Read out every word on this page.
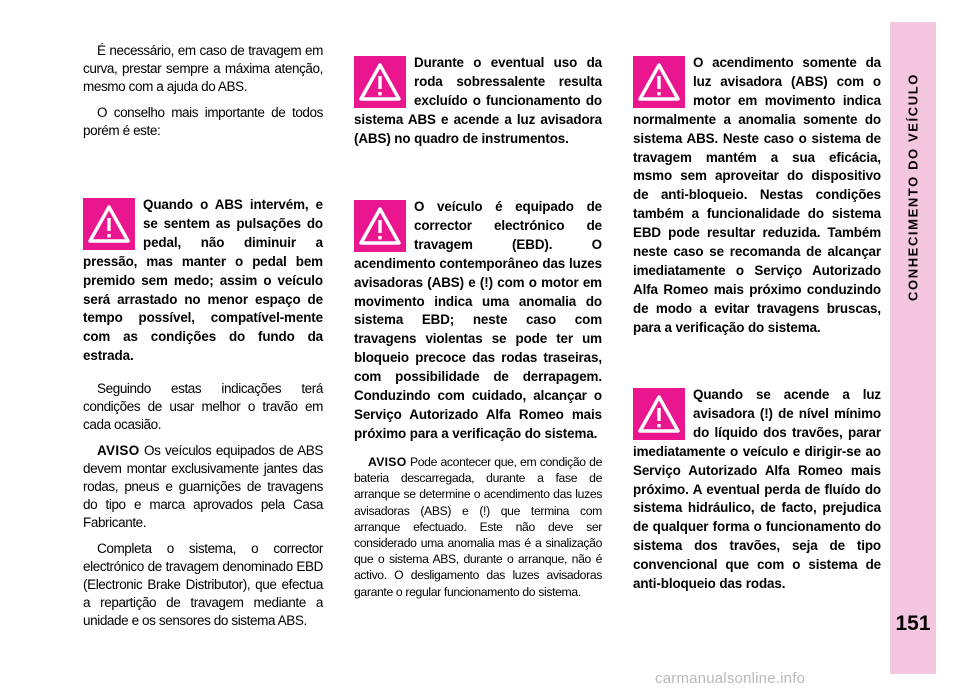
É necessário, em caso de travagem em curva, prestar sempre a máxima atenção, mesmo com a ajuda do ABS.

O conselho mais importante de todos porém é este:

Quando o ABS intervém, e se sentem as pulsações do pedal, não diminuir a pressão, mas manter o pedal bem premido sem medo; assim o veículo será arrastado no menor espaço de tempo possível, compatível-mente com as condições do fundo da estrada.

Seguindo estas indicações terá condições de usar melhor o travão em cada ocasião.

AVISO Os veículos equipados de ABS devem montar exclusivamente jantes das rodas, pneus e guarnições de travagens do tipo e marca aprovados pela Casa Fabricante.

Completa o sistema, o corrector electrónico de travagem denominado EBD (Electronic Brake Distributor), que efectua a repartição de travagem mediante a unidade e os sensores do sistema ABS.

Durante o eventual uso da roda sobressalente resulta excluído o funcionamento do sistema ABS e acende a luz avisadora (ABS) no quadro de instrumentos.
O veículo é equipado de corrector electrónico de travagem (EBD). O acendimento contemporâneo das luzes avisadoras (ABS) e (!) com o motor em movimento indica uma anomalia do sistema EBD; neste caso com travagens violentas se pode ter um bloqueio precoce das rodas traseiras, com possibilidade de derrapagem. Conduzindo com cuidado, alcançar o Serviço Autorizado Alfa Romeo mais próximo para a verificação do sistema.

AVISO Pode acontecer que, em condição de bateria descarregada, durante a fase de arranque se determine o acendimento das luzes avisadoras (ABS) e (!) que termina com arranque efectuado. Este não deve ser considerado uma anomalia mas é a sinalização que o sistema ABS, durante o arranque, não é activo. O desligamento das luzes avisadoras garante o regular funcionamento do sistema.

O acendimento somente da luz avisadora (ABS) com o motor em movimento indica normalmente a anomalia somente do sistema ABS. Neste caso o sistema de travagem mantém a sua eficácia, msmo sem aproveitar do dispositivo de anti-bloqueio. Nestas condições também a funcionalidade do sistema EBD pode resultar reduzida. Também neste caso se recomanda de alcançar imediatamente o Serviço Autorizado Alfa Romeo mais próximo conduzindo de modo a evitar travagens bruscas, para a verificação do sistema.
Quando se acende a luz avisadora (!) de nível mínimo do líquido dos travões, parar imediatamente o veículo e dirigir-se ao Serviço Autorizado Alfa Romeo mais próximo. A eventual perda de fluído do sistema hidráulico, de facto, prejudica de qualquer forma o funcionamento do sistema dos travões, seja de tipo convencional que com o sistema de anti-bloqueio das rodas.
CONHECIMENTO DO VEÍCULO
151
carmanualsonline.info
